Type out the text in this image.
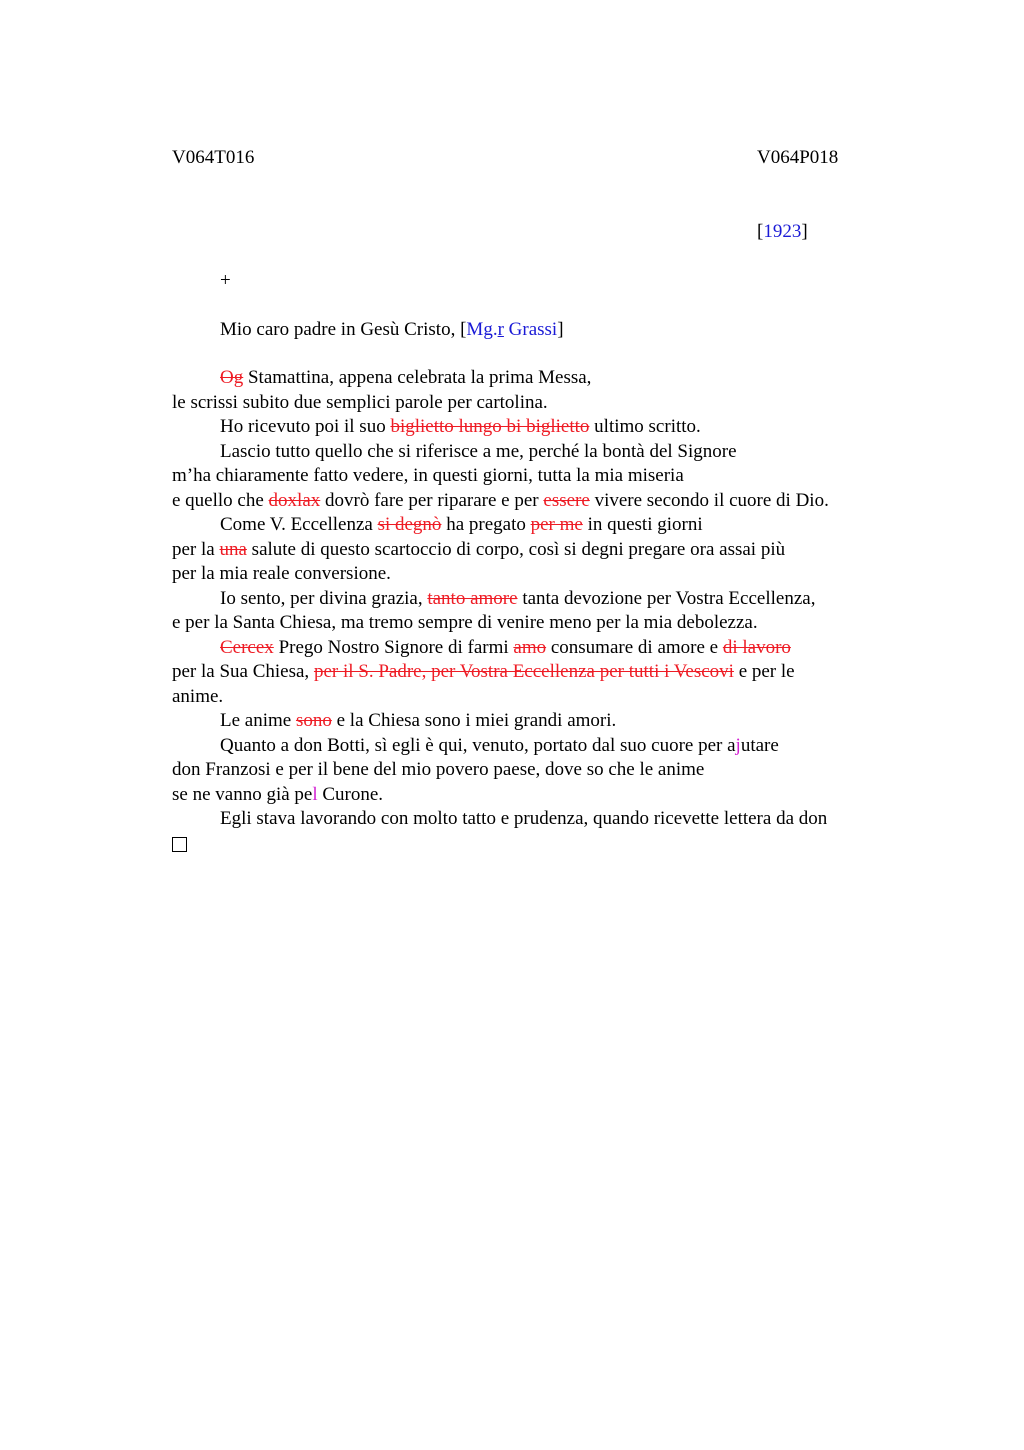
V064T016	V064P018
[1923]
+
Mio caro padre in Gesù Cristo, [Mg.r Grassi]
Og Stamattina, appena celebrata la prima Messa,
le scrissi subito due semplici parole per cartolina.
Ho ricevuto poi il suo biglietto lungo bi biglietto ultimo scritto.
Lascio tutto quello che si riferisce a me, perché la bontà del Signore
m’ha chiaramente fatto vedere, in questi giorni, tutta la mia miseria
e quello che doxlax dovrò fare per riparare e per essere vivere secondo il cuore di Dio.
Come V. Eccellenza si degnò ha pregato per me in questi giorni
per la una salute di questo scartoccio di corpo, così si degni pregare ora assai più
per la mia reale conversione.
Io sento, per divina grazia, tanto amore tanta devozione per Vostra Eccellenza,
e per la Santa Chiesa, ma tremo sempre di venire meno per la mia debolezza.
Cercex Prego Nostro Signore di farmi amo consumare di amore e di lavoro
per la Sua Chiesa, per il S. Padre, per Vostra Eccellenza per tutti i Vescovi e per le
anime.
Le anime sono e la Chiesa sono i miei grandi amori.
Quanto a don Botti, sì egli è qui, venuto, portato dal suo cuore per ajutare
don Franzosi e per il bene del mio povero paese, dove so che le anime
se ne vanno già pel Curone.
Egli stava lavorando con molto tatto e prudenza, quando ricevette lettera da don
